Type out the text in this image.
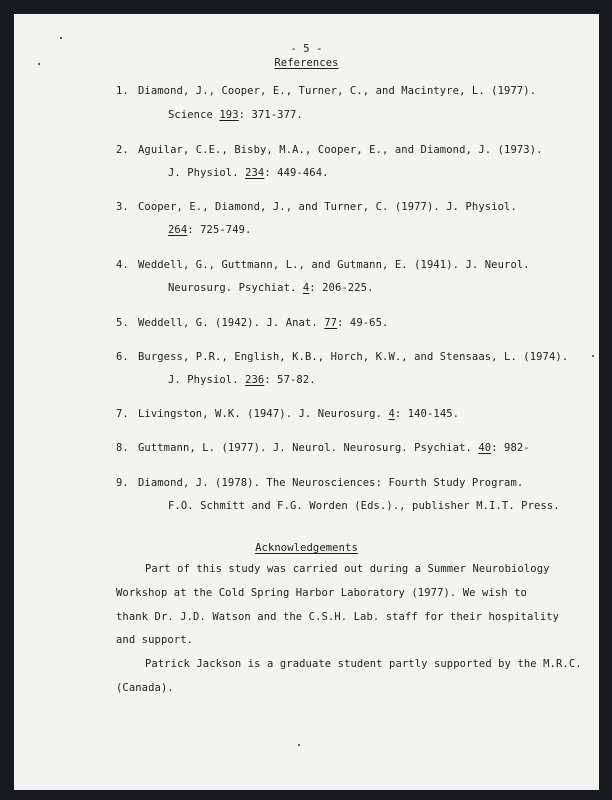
- 5 -
References
1. Diamond, J., Cooper, E., Turner, C., and Macintyre, L. (1977).
Science 193: 371-377.
2. Aguilar, C.E., Bisby, M.A., Cooper, E., and Diamond, J. (1973).
J. Physiol. 234: 449-464.
3. Cooper, E., Diamond, J., and Turner, C. (1977). J. Physiol.
264: 725-749.
4. Weddell, G., Guttmann, L., and Gutmann, E. (1941). J. Neurol.
Neurosurg. Psychiat. 4: 206-225.
5. Weddell, G. (1942). J. Anat. 77: 49-65.
6. Burgess, P.R., English, K.B., Horch, K.W., and Stensaas, L. (1974).
J. Physiol. 236: 57-82.
7. Livingston, W.K. (1947). J. Neurosurg. 4: 140-145.
8. Guttmann, L. (1977). J. Neurol. Neurosurg. Psychiat. 40: 982-
9. Diamond, J. (1978). The Neurosciences: Fourth Study Program.
F.O. Schmitt and F.G. Worden (Eds.)., publisher M.I.T. Press.
Acknowledgements
Part of this study was carried out during a Summer Neurobiology
Workshop at the Cold Spring Harbor Laboratory (1977). We wish to
thank Dr. J.D. Watson and the C.S.H. Lab. staff for their hospitality
and support.
Patrick Jackson is a graduate student partly supported by the M.R.C.
(Canada).
